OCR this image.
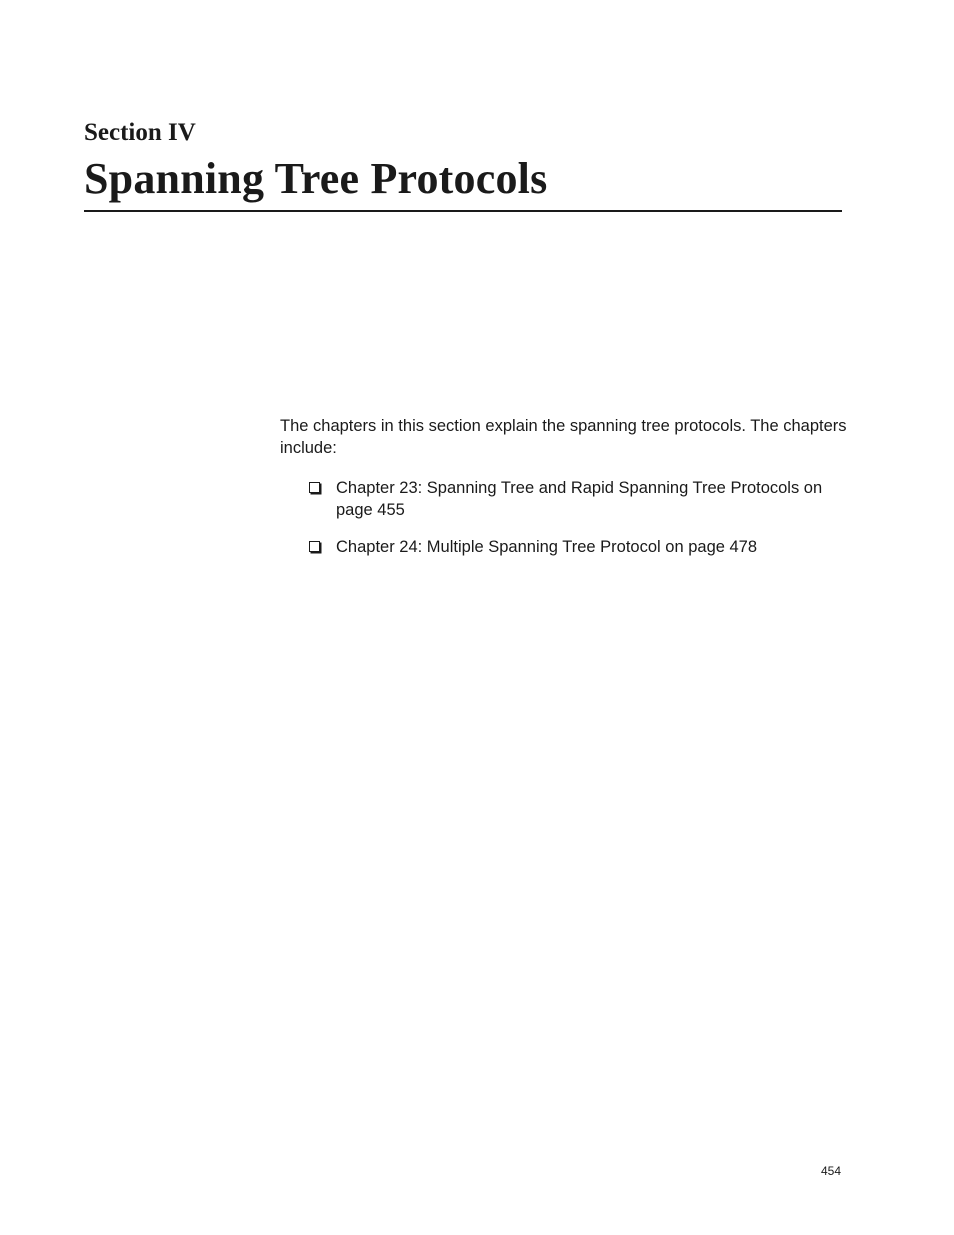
Section IV
Spanning Tree Protocols

The chapters in this section explain the spanning tree protocols. The chapters include:

Chapter 23: Spanning Tree and Rapid Spanning Tree Protocols on page 455
Chapter 24: Multiple Spanning Tree Protocol on page 478
454
